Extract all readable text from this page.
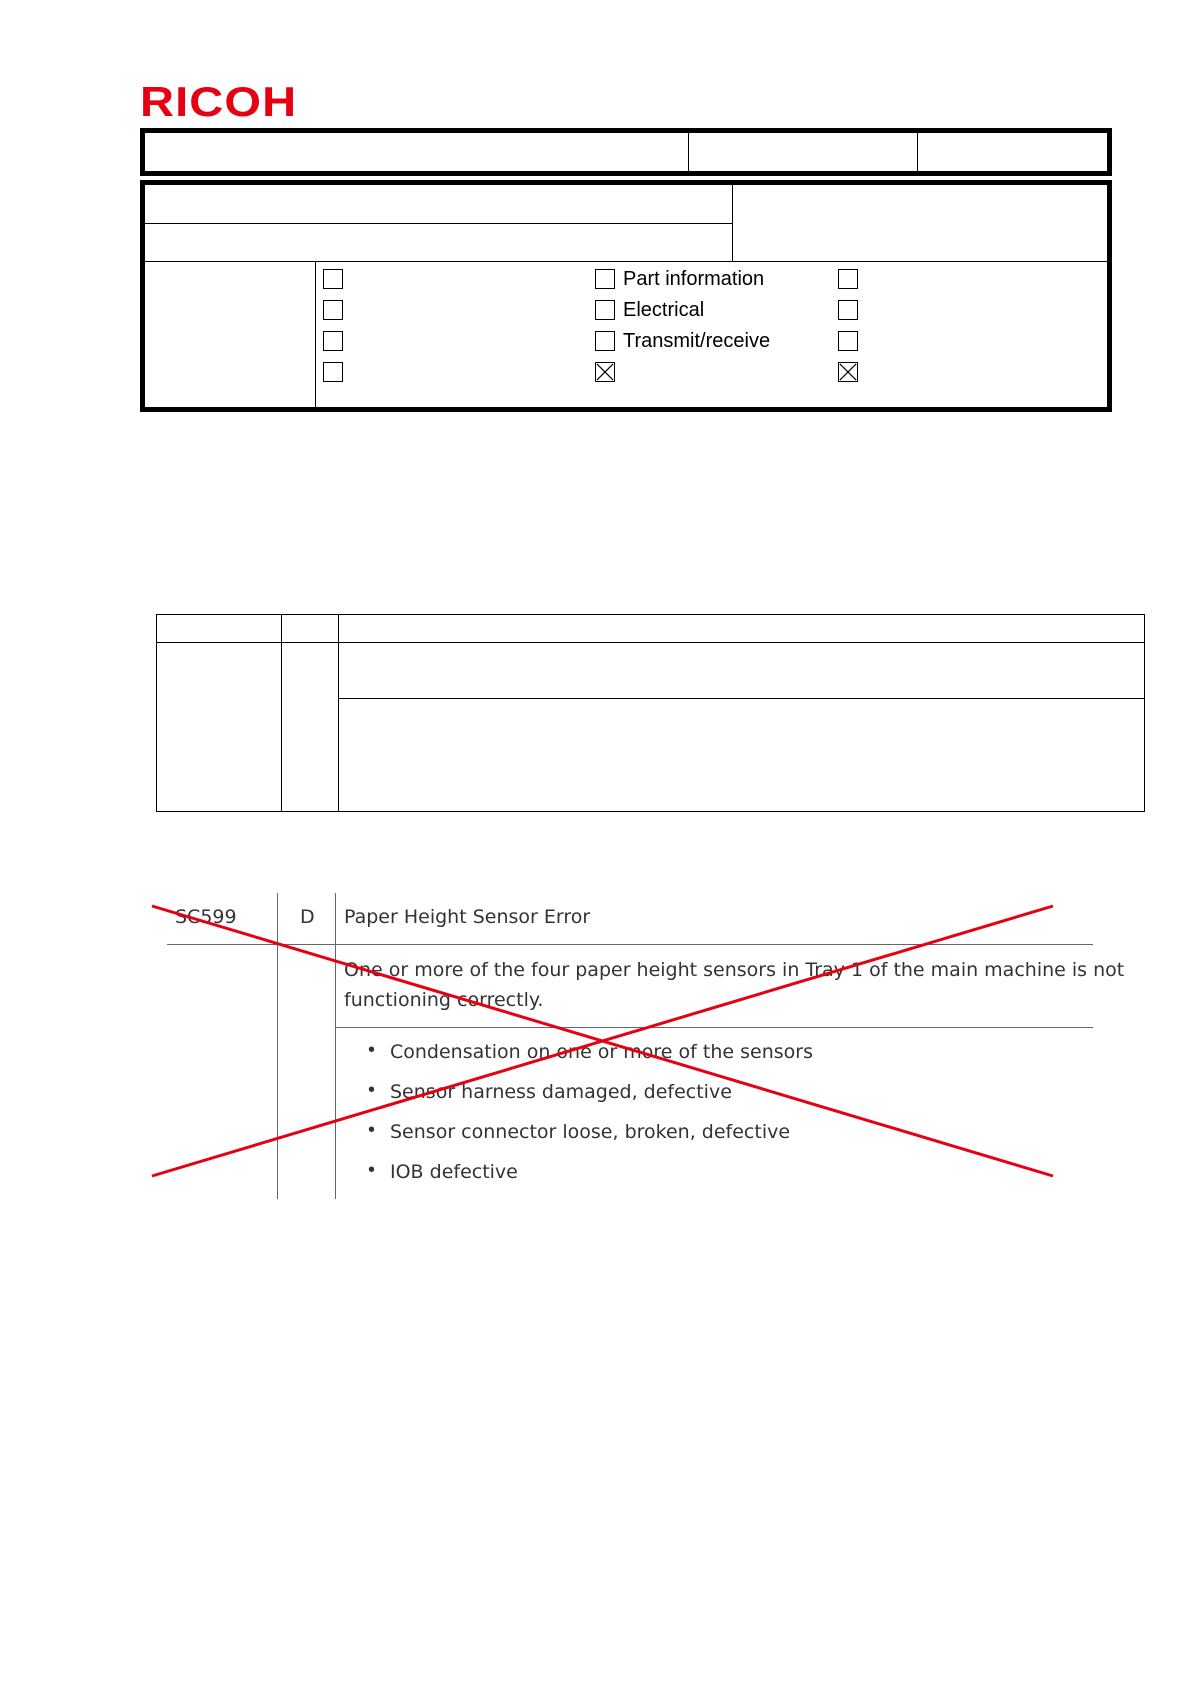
RICOH
Part information
Electrical
Transmit/receive
SC599	D Paper Height Sensor Error
One or more of the four paper height sensors in Tray 1 of the main machine is not
functioning correctly.
• Condensation on one or more of the sensors
• Sensor harness damaged, defective
• Sensor connector loose, broken, defective
• IOB defective
